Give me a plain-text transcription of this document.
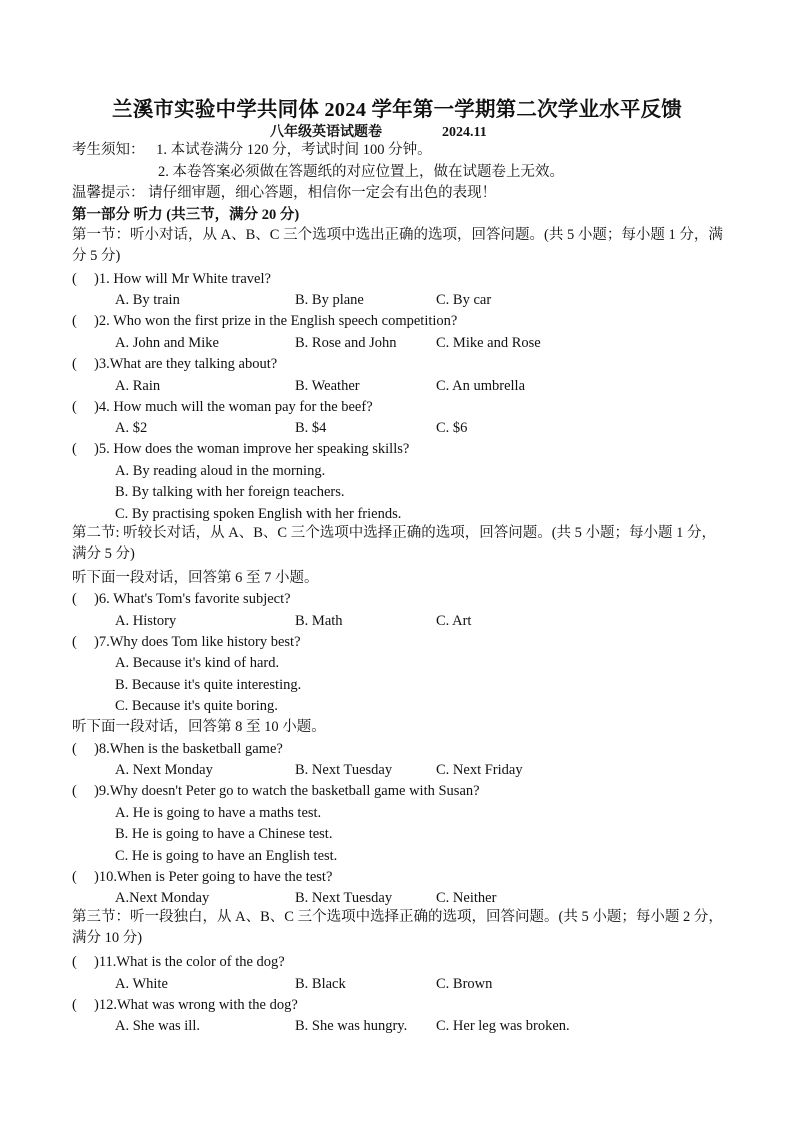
兰溪市实验中学共同体 2024 学年第一学期第二次学业水平反馈
八年级英语试题卷	2024.11
考生须知： 1. 本试卷满分 120 分，考试时间 100 分钟。
2. 本卷答案必须做在答题纸的对应位置上，做在试题卷上无效。
温馨提示： 请仔细审题，细心答题，相信你一定会有出色的表现！
第一部分 听力 (共三节，满分 20 分)
第一节：听小对话，从 A、B、C 三个选项中选出正确的选项，回答问题。(共 5 小题；每小题 1 分，满分 5 分)
( )1. How will Mr White travel?
A. By train	B. By plane	C. By car
( )2. Who won the first prize in the English speech competition?
A. John and Mike	B. Rose and John	C. Mike and Rose
( )3.What are they talking about?
A. Rain	B. Weather	C. An umbrella
( )4. How much will the woman pay for the beef?
A. $2	B. $4	C. $6
( )5. How does the woman improve her speaking skills?
A. By reading aloud in the morning.
B. By talking with her foreign teachers.
C. By practising spoken English with her friends.
第二节: 听较长对话，从 A、B、C 三个选项中选择正确的选项，回答问题。(共 5 小题；每小题 1 分，满分 5 分)
听下面一段对话，回答第 6 至 7 小题。
( )6. What's Tom's favorite subject?
A. History	B. Math	C. Art
( )7.Why does Tom like history best?
A. Because it's kind of hard.
B. Because it's quite interesting.
C. Because it's quite boring.
听下面一段对话，回答第 8 至 10 小题。
( )8.When is the basketball game?
A. Next Monday	B. Next Tuesday	C. Next Friday
( )9.Why doesn't Peter go to watch the basketball game with Susan?
A. He is going to have a maths test.
B. He is going to have a Chinese test.
C. He is going to have an English test.
( )10.When is Peter going to have the test?
A.Next Monday	B. Next Tuesday	C. Neither
第三节：听一段独白，从 A、B、C 三个选项中选择正确的选项，回答问题。(共 5 小题；每小题 2 分，满分 10 分)
( )11.What is the color of the dog?
A. White	B. Black	C. Brown
( )12.What was wrong with the dog?
A. She was ill.	B. She was hungry. C. Her leg was broken.
